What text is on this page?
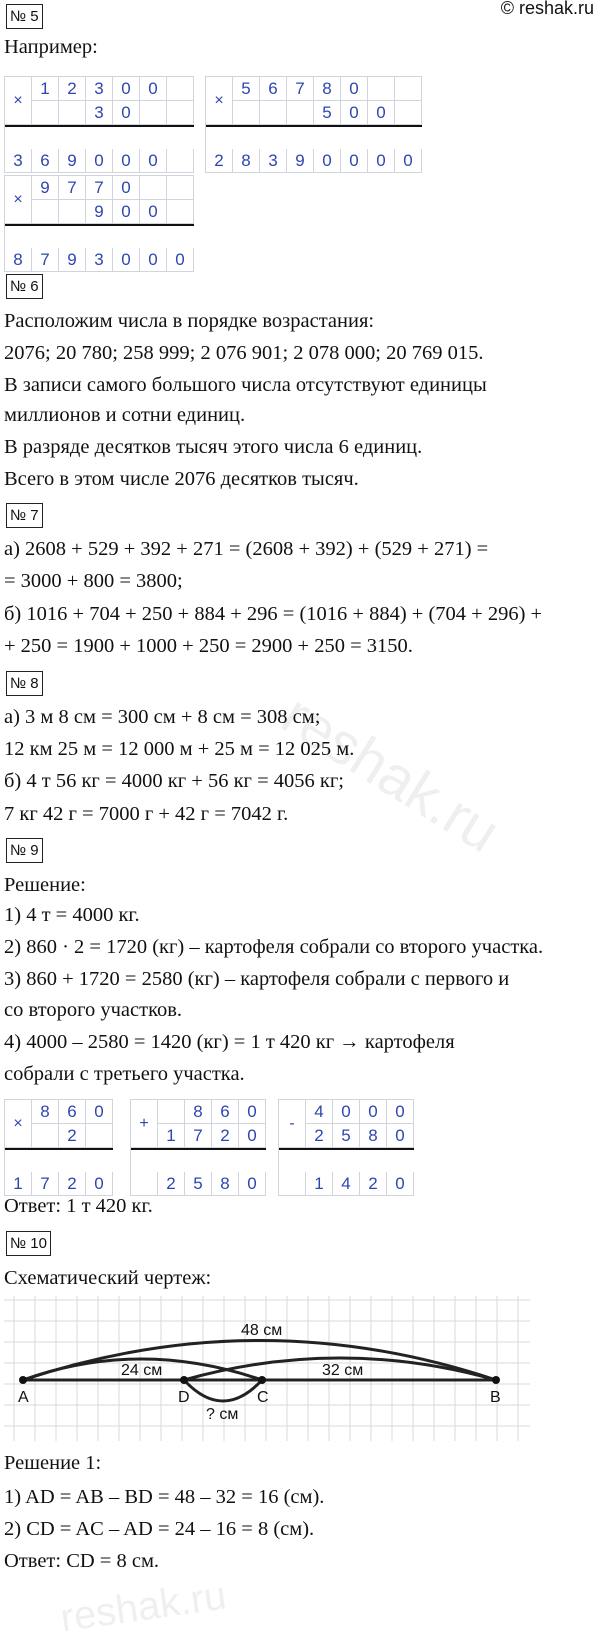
© reshak.ru
№ 5
Например:
×
1	2	3	0	0
3	0
3	6	9	0	0	0
×
5	6	7	8	0
5	0	0
2	8	3	9	0	0	0	0
×
9	7	7	0
9	0	0
8	7	9	3	0	0	0
№ 6
Расположим числа в порядке возрастания:
2076; 20 780; 258 999; 2 076 901; 2 078 000; 20 769 015.
В записи самого большого числа отсутствуют единицы
миллионов и сотни единиц.
В разряде десятков тысяч этого числа 6 единиц.
Всего в этом числе 2076 десятков тысяч.
№ 7
а) 2608 + 529 + 392 + 271 = (2608 + 392) + (529 + 271) =
= 3000 + 800 = 3800;
б) 1016 + 704 + 250 + 884 + 296 = (1016 + 884) + (704 + 296) +
+ 250 = 1900 + 1000 + 250 = 2900 + 250 = 3150.
№ 8
а) 3 м 8 см = 300 см + 8 см = 308 см;
12 км 25 м = 12 000 м + 25 м = 12 025 м.
б) 4 т 56 кг = 4000 кг + 56 кг = 4056 кг;
7 кг 42 г = 7000 г + 42 г = 7042 г.
№ 9
Решение:
1) 4 т = 4000 кг.
2) 860 · 2 = 1720 (кг) – картофеля собрали со второго участка.
3) 860 + 1720 = 2580 (кг) – картофеля собрали с первого и
со второго участков.
4) 4000 – 2580 = 1420 (кг) = 1 т 420 кг → картофеля
собрали с третьего участка.
×
8	6	0
2
1	7	2	0
+
8	6	0
1	7	2	0
2	5	8	0
-
4	0	0	0
2	5	8	0
1	4	2	0
Ответ: 1 т 420 кг.
№ 10
Схематический чертеж:
A	D	C	B
48 см
24 см	32 см
? см
Решение 1:
1) AD = AB – BD = 48 – 32 = 16 (см).
2) CD = AC – AD = 24 – 16 = 8 (см).
Ответ: CD = 8 см.
reshak.ru
reshak.ru
